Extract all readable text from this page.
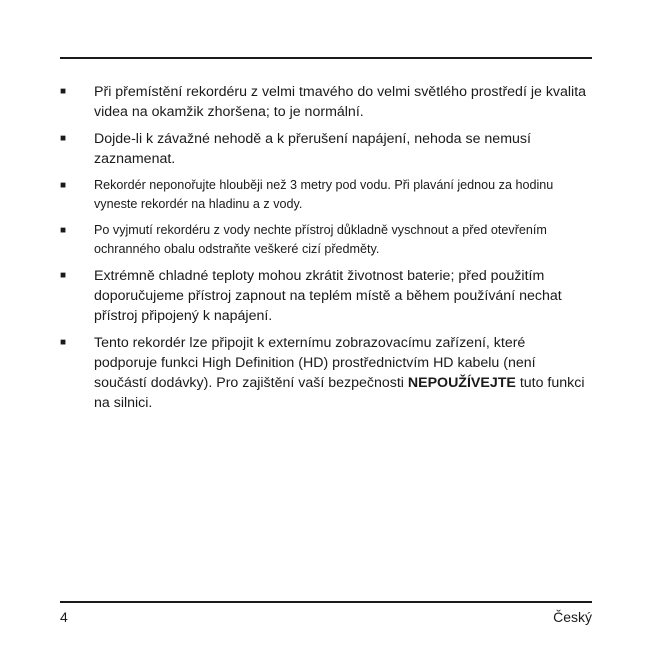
■ Při přemístění rekordéru z velmi tmavého do velmi světlého prostředí je kvalita videa na okamžik zhoršena; to je normální.
■ Dojde-li k závažné nehodě a k přerušení napájení, nehoda se nemusí zaznamenat.
■ Rekordér neponořujte hlouběji než 3 metry pod vodu. Při plavání jednou za hodinu vyneste rekordér na hladinu a z vody.
■ Po vyjmutí rekordéru z vody nechte přístroj důkladně vyschnout a před otevřením ochranného obalu odstraňte veškeré cizí předměty.
■ Extrémně chladné teploty mohou zkrátit životnost baterie; před použitím doporučujeme přístroj zapnout na teplém místě a během používání nechat přístroj připojený k napájení.
■ Tento rekordér lze připojit k externímu zobrazovacímu zařízení, které podporuje funkci High Definition (HD) prostřednictvím HD kabelu (není součástí dodávky). Pro zajištění vaší bezpečnosti NEPOUŽÍVEJTE tuto funkci na silnici.
4	Český
